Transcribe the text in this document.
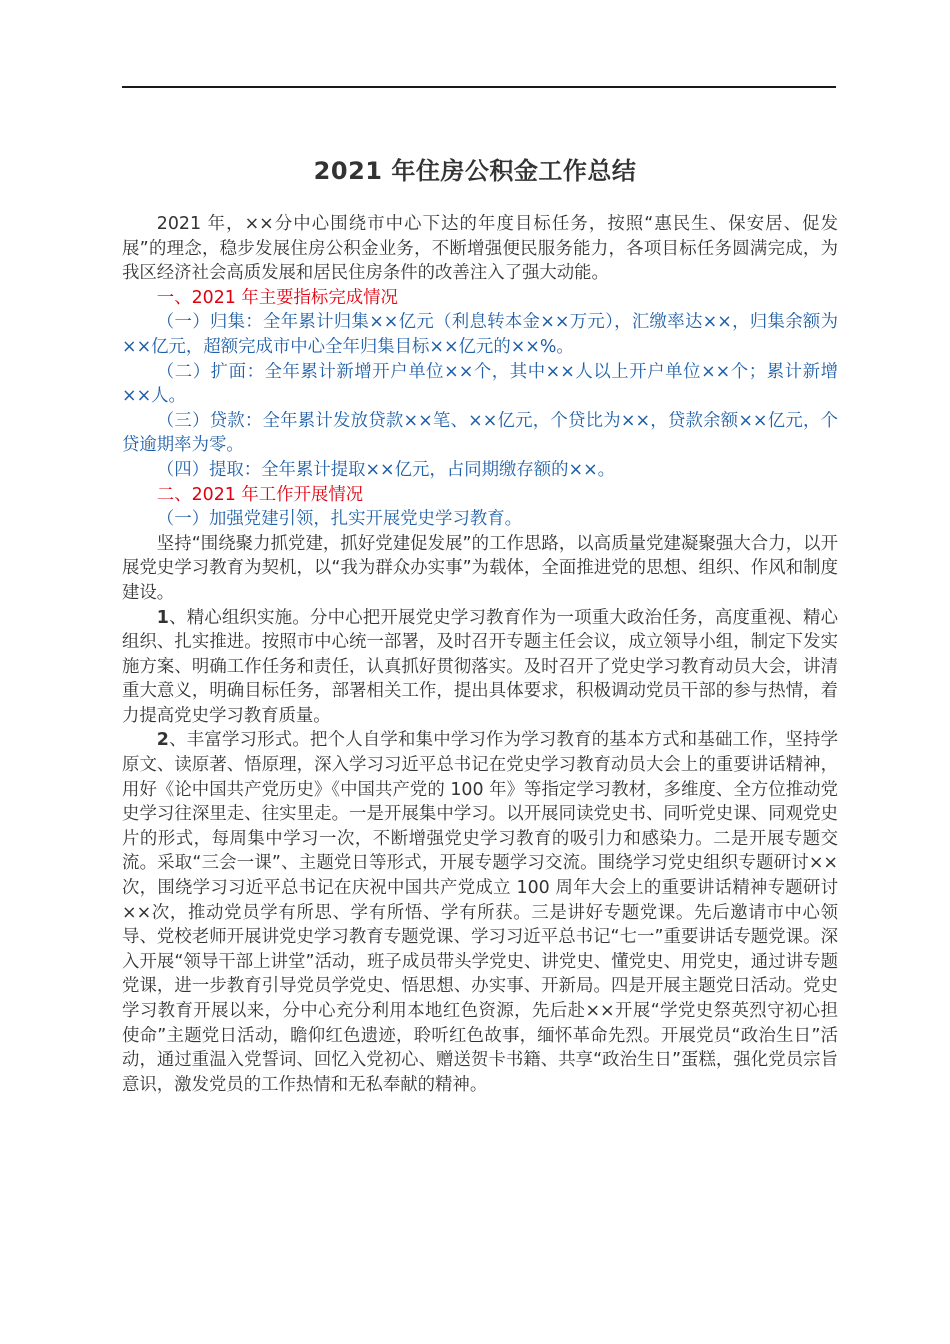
2021 年住房公积金工作总结

2021 年，××分中心围绕市中心下达的年度目标任务，按照“惠民生、保安居、促发展”的理念，稳步发展住房公积金业务，不断增强便民服务能力，各项目标任务圆满完成，为我区经济社会高质发展和居民住房条件的改善注入了强大动能。

一、2021 年主要指标完成情况

（一）归集：全年累计归集××亿元（利息转本金××万元），汇缴率达××，归集余额为××亿元，超额完成市中心全年归集目标××亿元的××%。

（二）扩面：全年累计新增开户单位××个，其中××人以上开户单位××个；累计新增××人。

（三）贷款：全年累计发放贷款××笔、××亿元，个贷比为××，贷款余额××亿元，个贷逾期率为零。

（四）提取：全年累计提取××亿元，占同期缴存额的××。

二、2021 年工作开展情况

（一）加强党建引领，扎实开展党史学习教育。

坚持“围绕聚力抓党建，抓好党建促发展”的工作思路，以高质量党建凝聚强大合力，以开展党史学习教育为契机，以“我为群众办实事”为载体，全面推进党的思想、组织、作风和制度建设。

1、精心组织实施。分中心把开展党史学习教育作为一项重大政治任务，高度重视、精心组织、扎实推进。按照市中心统一部署，及时召开专题主任会议，成立领导小组，制定下发实施方案、明确工作任务和责任，认真抓好贯彻落实。及时召开了党史学习教育动员大会，讲清重大意义，明确目标任务，部署相关工作，提出具体要求，积极调动党员干部的参与热情，着力提高党史学习教育质量。

2、丰富学习形式。把个人自学和集中学习作为学习教育的基本方式和基础工作，坚持学原文、读原著、悟原理，深入学习习近平总书记在党史学习教育动员大会上的重要讲话精神，用好《论中国共产党历史》《中国共产党的 100 年》等指定学习教材，多维度、全方位推动党史学习往深里走、往实里走。一是开展集中学习。以开展同读党史书、同听党史课、同观党史片的形式，每周集中学习一次，不断增强党史学习教育的吸引力和感染力。二是开展专题交流。采取“三会一课”、主题党日等形式，开展专题学习交流。围绕学习党史组织专题研讨××次，围绕学习习近平总书记在庆祝中国共产党成立 100 周年大会上的重要讲话精神专题研讨××次，推动党员学有所思、学有所悟、学有所获。三是讲好专题党课。先后邀请市中心领导、党校老师开展讲党史学习教育专题党课、学习习近平总书记“七一”重要讲话专题党课。深入开展“领导干部上讲堂”活动，班子成员带头学党史、讲党史、懂党史、用党史，通过讲专题党课，进一步教育引导党员学党史、悟思想、办实事、开新局。四是开展主题党日活动。党史学习教育开展以来，分中心充分利用本地红色资源，先后赴××开展“学党史祭英烈守初心担使命”主题党日活动，瞻仰红色遗迹，聆听红色故事，缅怀革命先烈。开展党员“政治生日”活动，通过重温入党誓词、回忆入党初心、赠送贺卡书籍、共享“政治生日”蛋糕，强化党员宗旨意识，激发党员的工作热情和无私奉献的精神。
